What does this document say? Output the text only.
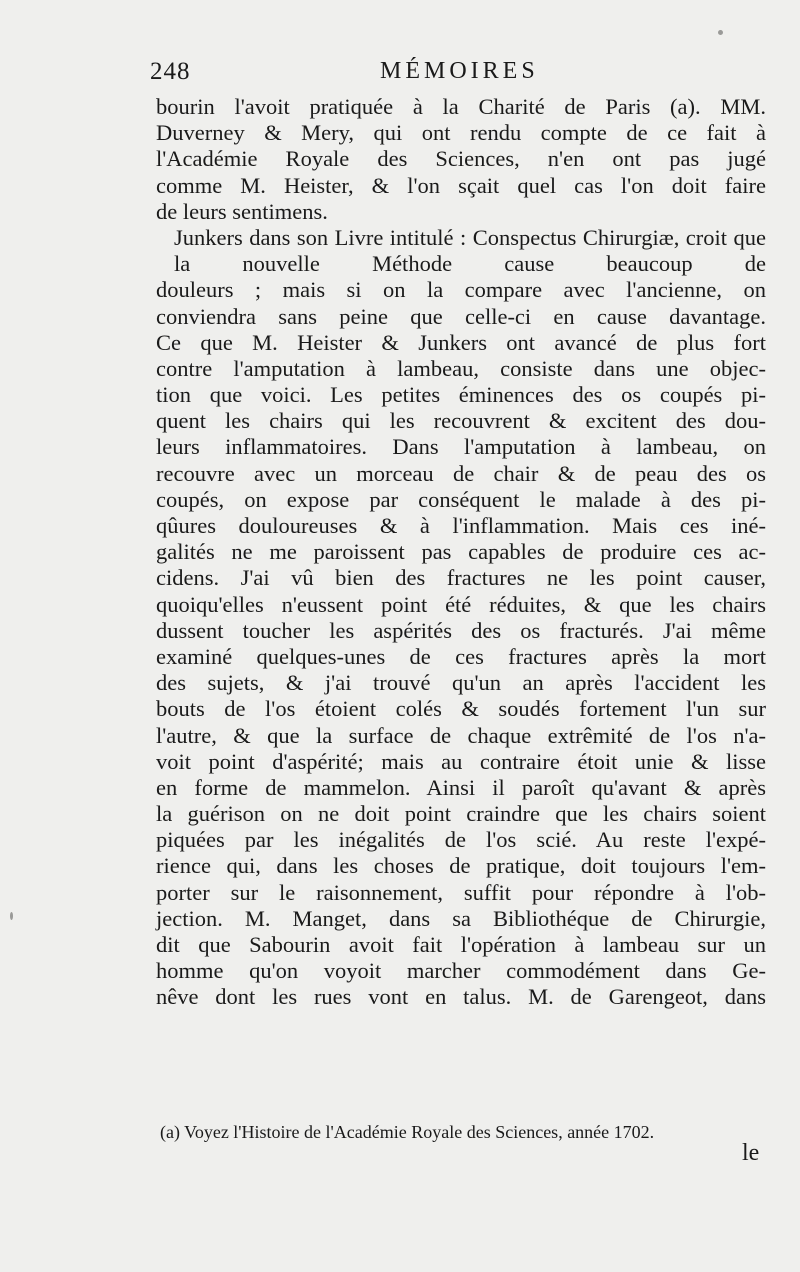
248	MÉMOIRES
bourin l'avoit pratiquée à la Charité de Paris (a). MM.
Duverney & Mery, qui ont rendu compte de ce fait à
l'Académie Royale des Sciences, n'en ont pas jugé
comme M. Heister, & l'on sçait quel cas l'on doit faire
de leurs sentimens.
Junkers dans son Livre intitulé : Conspectus Chirurgiæ, croit que la nouvelle Méthode cause beaucoup de
douleurs ; mais si on la compare avec l'ancienne, on
conviendra sans peine que celle-ci en cause davantage.
Ce que M. Heister & Junkers ont avancé de plus fort
contre l'amputation à lambeau, consiste dans une objec-
tion que voici. Les petites éminences des os coupés pi-
quent les chairs qui les recouvrent & excitent des dou-
leurs inflammatoires. Dans l'amputation à lambeau, on
recouvre avec un morceau de chair & de peau des os
coupés, on expose par conséquent le malade à des pi-
qûures douloureuses & à l'inflammation. Mais ces iné-
galités ne me paroissent pas capables de produire ces ac-
cidens. J'ai vû bien des fractures ne les point causer,
quoiqu'elles n'eussent point été réduites, & que les chairs
dussent toucher les aspérités des os fracturés. J'ai même
examiné quelques-unes de ces fractures après la mort
des sujets, & j'ai trouvé qu'un an après l'accident les
bouts de l'os étoient colés & soudés fortement l'un sur
l'autre, & que la surface de chaque extrêmité de l'os n'a-
voit point d'aspérité; mais au contraire étoit unie & lisse
en forme de mammelon. Ainsi il paroît qu'avant & après
la guérison on ne doit point craindre que les chairs soient
piquées par les inégalités de l'os scié. Au reste l'expé-
rience qui, dans les choses de pratique, doit toujours l'em-
porter sur le raisonnement, suffit pour répondre à l'ob-
jection. M. Manget, dans sa Bibliothéque de Chirurgie,
dit que Sabourin avoit fait l'opération à lambeau sur un
homme qu'on voyoit marcher commodément dans Ge-
nêve dont les rues vont en talus. M. de Garengeot, dans
(a) Voyez l'Histoire de l'Académie Royale des Sciences, année 1702.
le
